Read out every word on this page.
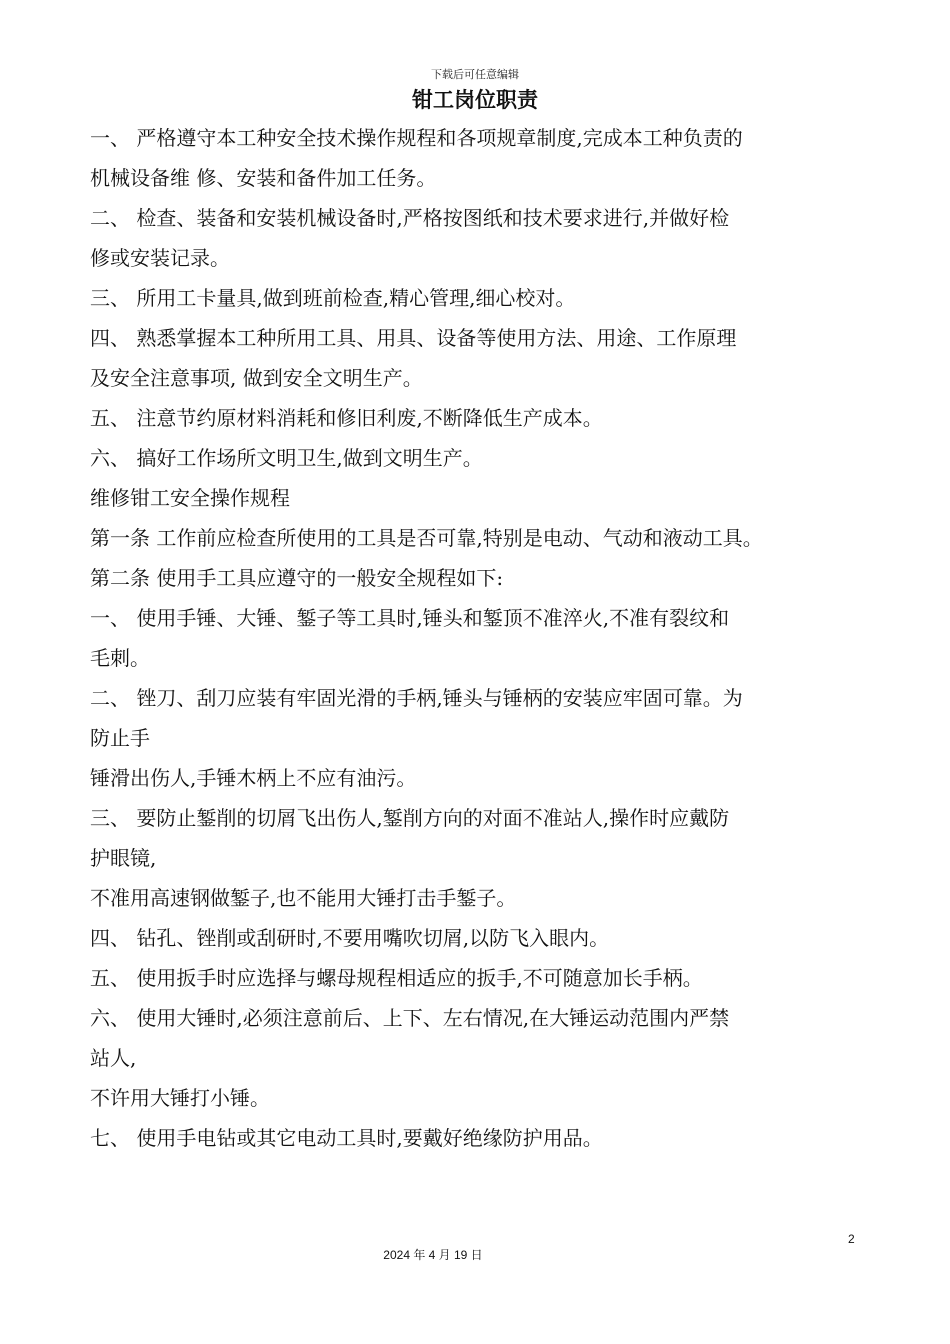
下载后可任意编辑
钳工岗位职责
一、 严格遵守本工种安全技术操作规程和各项规章制度,完成本工种负责的
机械设备维 修、安装和备件加工任务。
二、 检查、装备和安装机械设备时,严格按图纸和技术要求进行,并做好检
修或安装记录。
三、 所用工卡量具,做到班前检查,精心管理,细心校对。
四、 熟悉掌握本工种所用工具、用具、设备等使用方法、用途、工作原理
及安全注意事项, 做到安全文明生产。
五、 注意节约原材料消耗和修旧利废,不断降低生产成本。
六、 搞好工作场所文明卫生,做到文明生产。
维修钳工安全操作规程
第一条 工作前应检查所使用的工具是否可靠,特别是电动、气动和液动工具。
第二条 使用手工具应遵守的一般安全规程如下:
一、 使用手锤、大锤、錾子等工具时,锤头和錾顶不准淬火,不准有裂纹和
毛刺。
二、 锉刀、刮刀应装有牢固光滑的手柄,锤头与锤柄的安装应牢固可靠。为
防止手
锤滑出伤人,手锤木柄上不应有油污。
三、 要防止錾削的切屑飞出伤人,錾削方向的对面不准站人,操作时应戴防
护眼镜,
不准用高速钢做錾子,也不能用大锤打击手錾子。
四、 钻孔、锉削或刮研时,不要用嘴吹切屑,以防飞入眼内。
五、 使用扳手时应选择与螺母规程相适应的扳手,不可随意加长手柄。
六、 使用大锤时,必须注意前后、上下、左右情况,在大锤运动范围内严禁
站人,
不许用大锤打小锤。
七、 使用手电钻或其它电动工具时,要戴好绝缘防护用品。
2
2024 年 4 月 19 日
